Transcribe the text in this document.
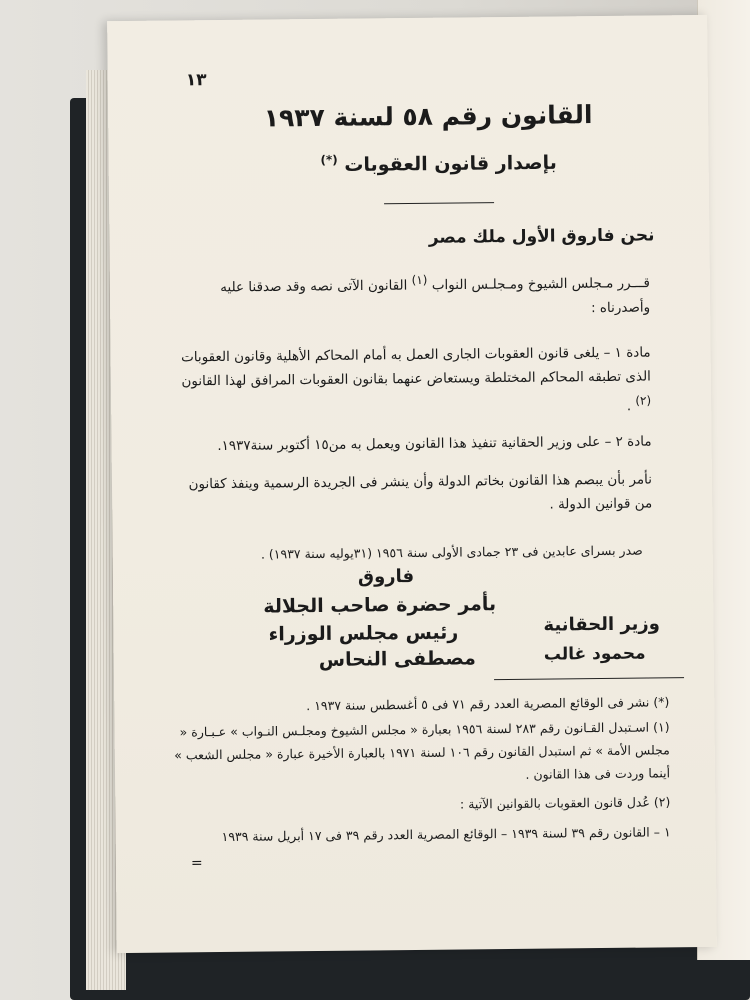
١٣
القانون رقم ٥٨ لسنة ١٩٣٧
بإصدار قانون العقوبات (*)
نحن فاروق الأول ملك مصر
قـــرر مـجلس الشيوخ ومـجلـس النواب (١) القانون الآتى نصه وقد صدقنا عليه وأصدرناه :
مادة ١ – يلغى قانون العقوبات الجارى العمل به أمام المحاكم الأهلية وقانون العقوبات الذى تطبقه المحاكم المختلطة ويستعاض عنهما بقانون العقوبات المرافق لهذا القانون (٢) .
مادة ٢ – على وزير الحقانية تنفيذ هذا القانون ويعمل به من١٥ أكتوبر سنة١٩٣٧.
نأمر بأن يبصم هذا القانون بخاتم الدولة وأن ينشر فى الجريدة الرسمية وينفذ كقانون من قوانين الدولة .
صدر بسراى عابدين فى ٢٣ جمادى الأولى سنة ١٩٥٦ (٣١يوليه سنة ١٩٣٧) .
فاروق
بأمر حضرة صاحب الجلالة
رئيس مجلس الوزراء
مصطفى النحاس
وزير الحقانية
محمود غالب
(*) نشر فى الوقائع المصرية العدد رقم ٧١ فى ٥ أغسطس سنة ١٩٣٧ .
(١) اسـتبدل القـانون رقم ٢٨٣ لسنة ١٩٥٦ بعبارة « مجلس الشيوخ ومجلـس النـواب » عـبـارة « مجلس الأمة » ثم استبدل القانون رقم ١٠٦ لسنة ١٩٧١ بالعبارة الأخيرة عبارة « مجلس الشعب » أينما وردت فى هذا القانون .
(٢) عُدل قانون العقوبات بالقوانين الآتية :
١ – القانون رقم ٣٩ لسنة ١٩٣٩ – الوقائع المصرية العدد رقم ٣٩ فى ١٧ أبريل سنة ١٩٣٩
=
